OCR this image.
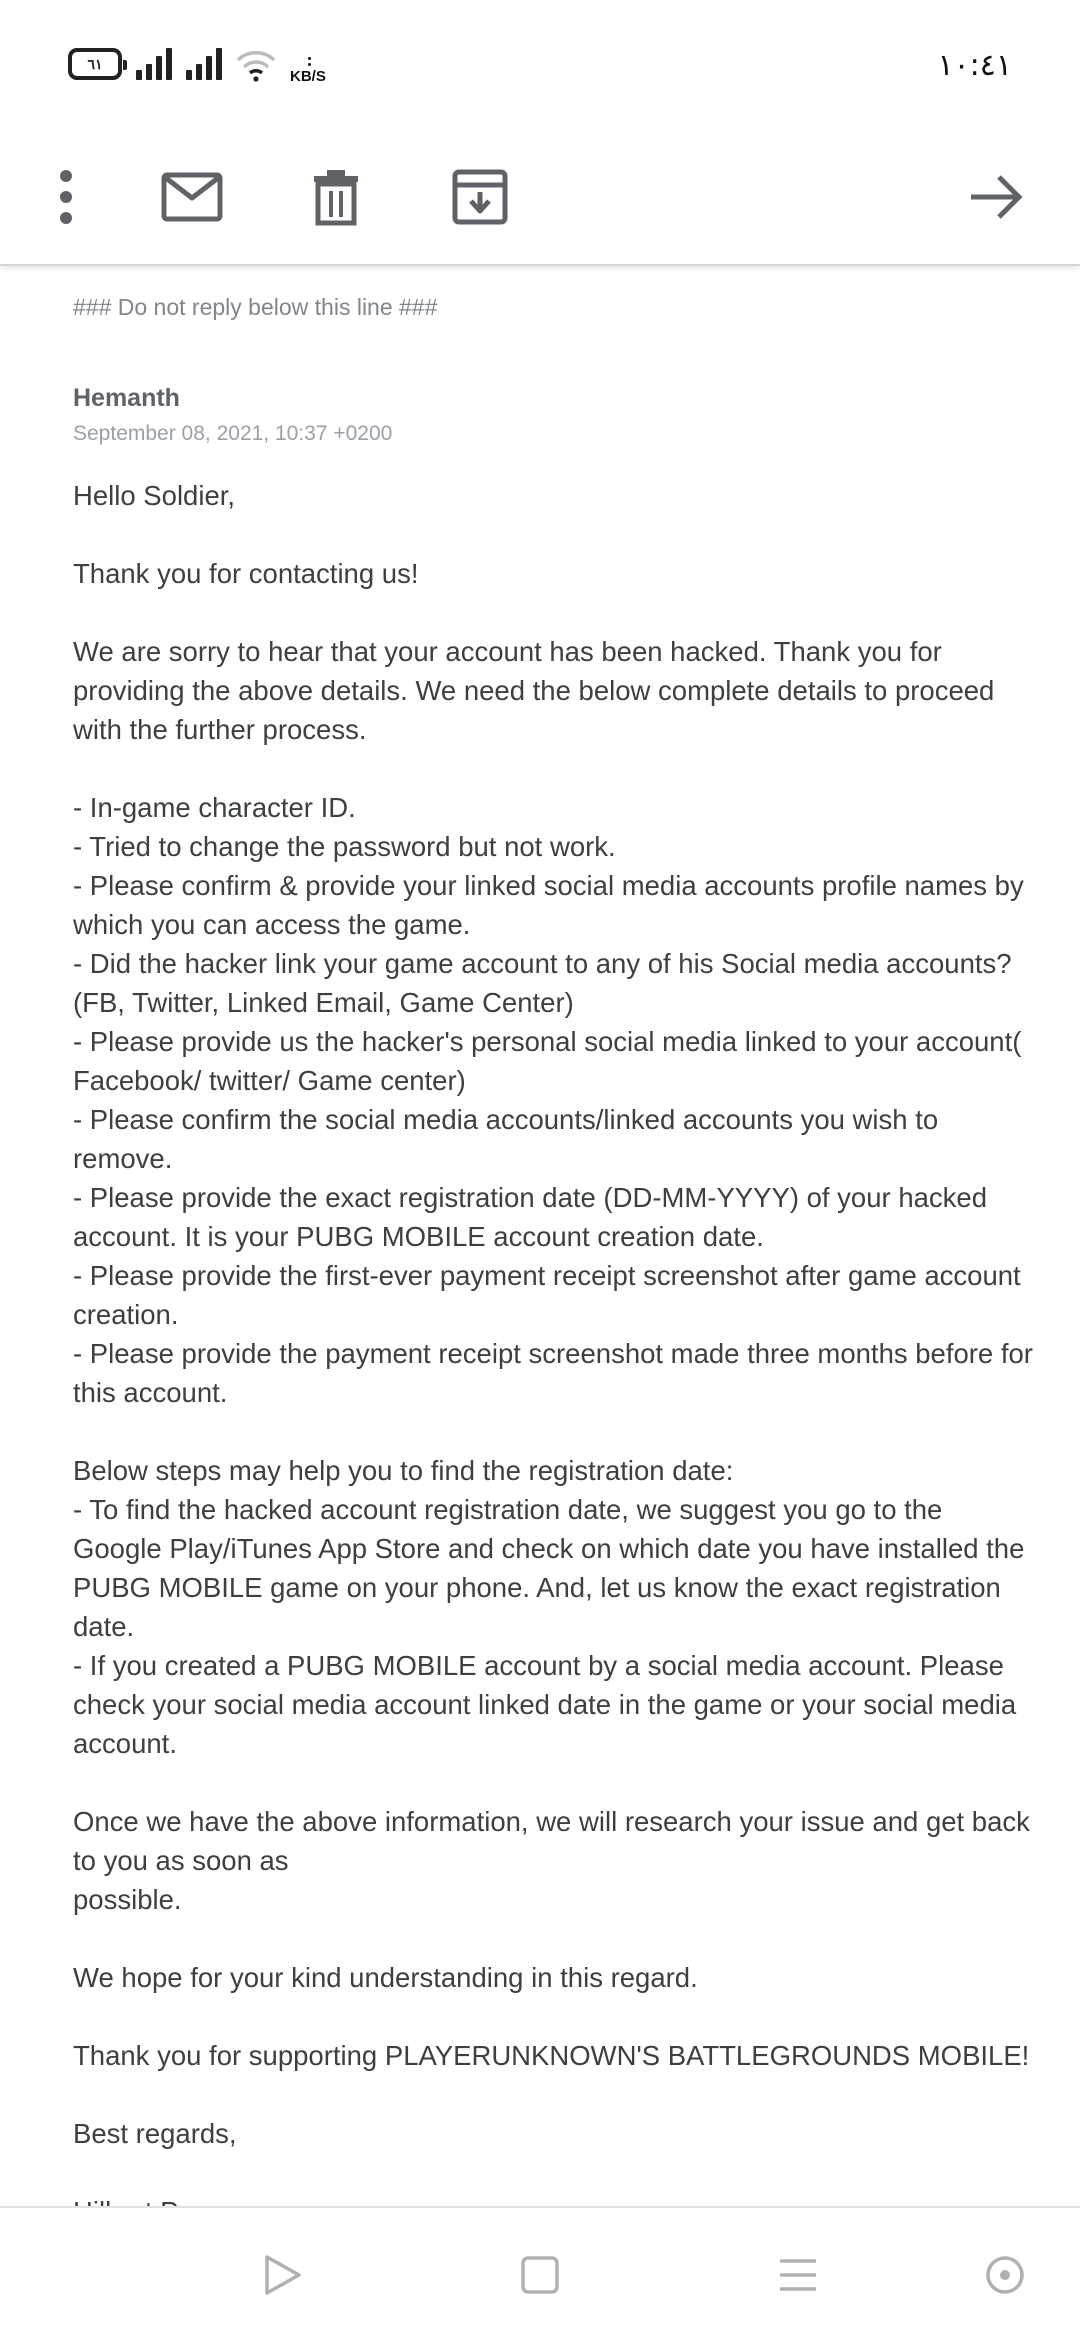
٦١
KB/S	١٠:٤١
### Do not reply below this line ###
Hemanth
September 08, 2021, 10:37 +0200

Hello Soldier,

Thank you for contacting us!

We are sorry to hear that your account has been hacked. Thank you for providing the above details. We need the below complete details to proceed with the further process.

- In-game character ID.

- Tried to change the password but not work.

- Please confirm & provide your linked social media accounts profile names by which you can access the game.

- Did the hacker link your game account to any of his Social media accounts? (FB, Twitter, Linked Email, Game Center)

- Please provide us the hacker's personal social media linked to your account( Facebook/ twitter/ Game center)

- Please confirm the social media accounts/linked accounts you wish to remove.

- Please provide the exact registration date (DD-MM-YYYY) of your hacked account. It is your PUBG MOBILE account creation date.

- Please provide the first-ever payment receipt screenshot after game account creation.

- Please provide the payment receipt screenshot made three months before for this account.

Below steps may help you to find the registration date:

- To find the hacked account registration date, we suggest you go to the Google Play/iTunes App Store and check on which date you have installed the PUBG MOBILE game on your phone. And, let us know the exact registration date.

- If you created a PUBG MOBILE account by a social media account. Please check your social media account linked date in the game or your social media account.

Once we have the above information, we will research your issue and get back to you as soon as

possible.

We hope for your kind understanding in this regard.

Thank you for supporting PLAYERUNKNOWN'S BATTLEGROUNDS MOBILE!

Best regards,
